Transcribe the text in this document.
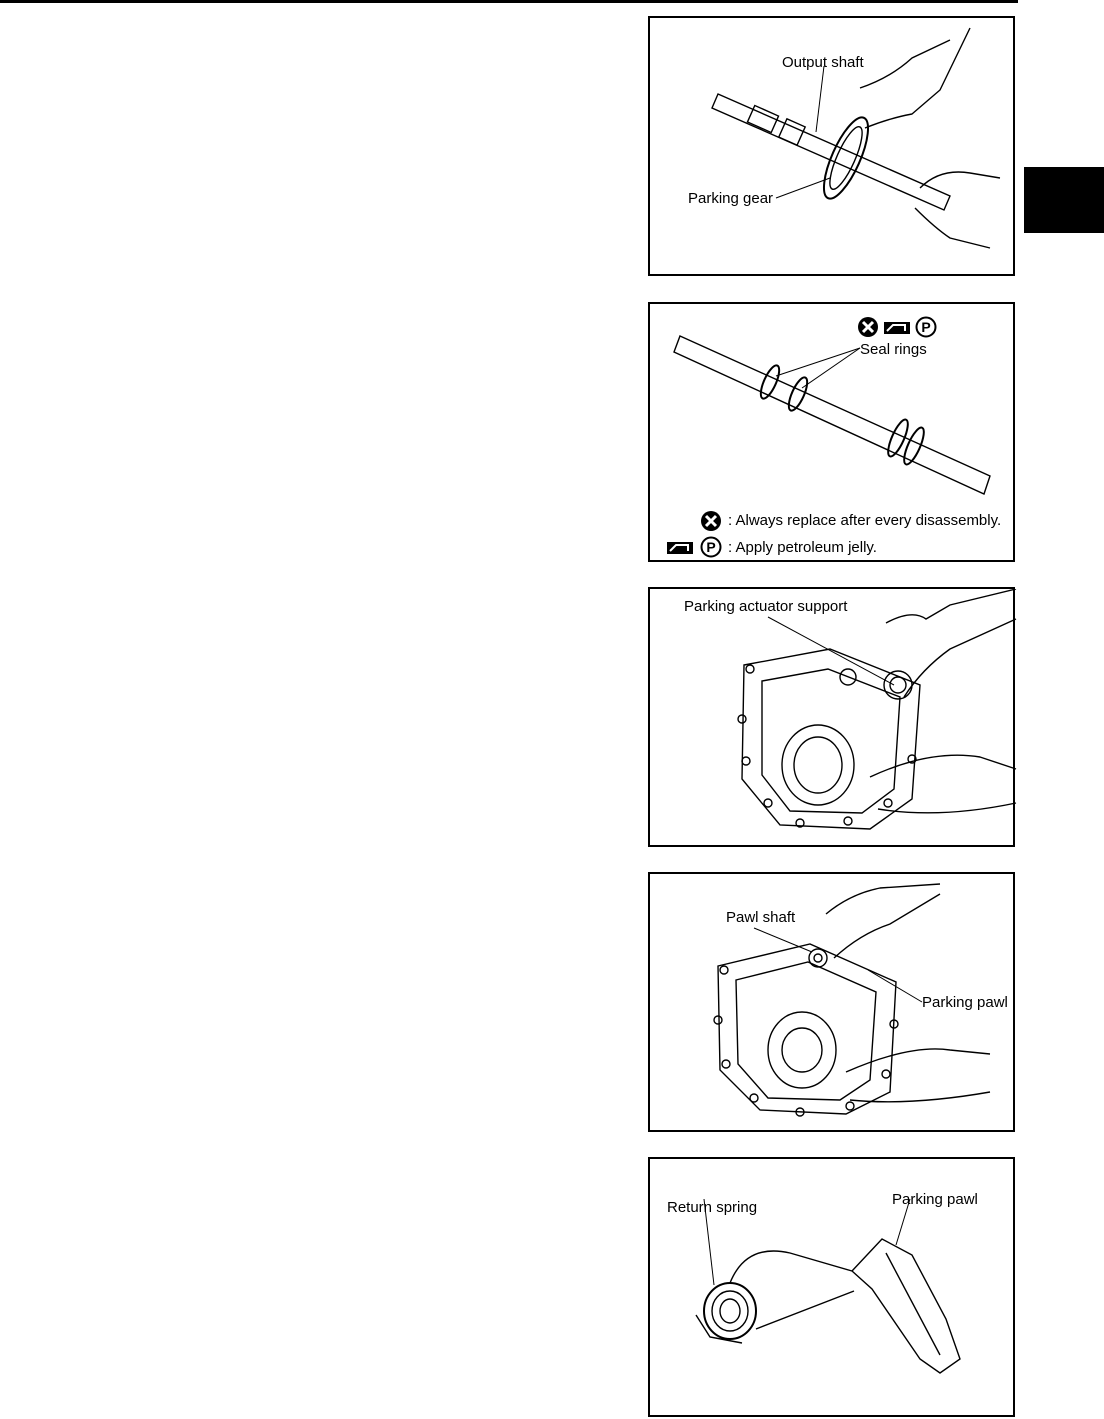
Output shaft
Parking gear
P
Seal rings
: Always replace after every disassembly.
P : Apply petroleum jelly.
Parking actuator support
Pawl shaft
Parking pawl
Return spring	Parking pawl
